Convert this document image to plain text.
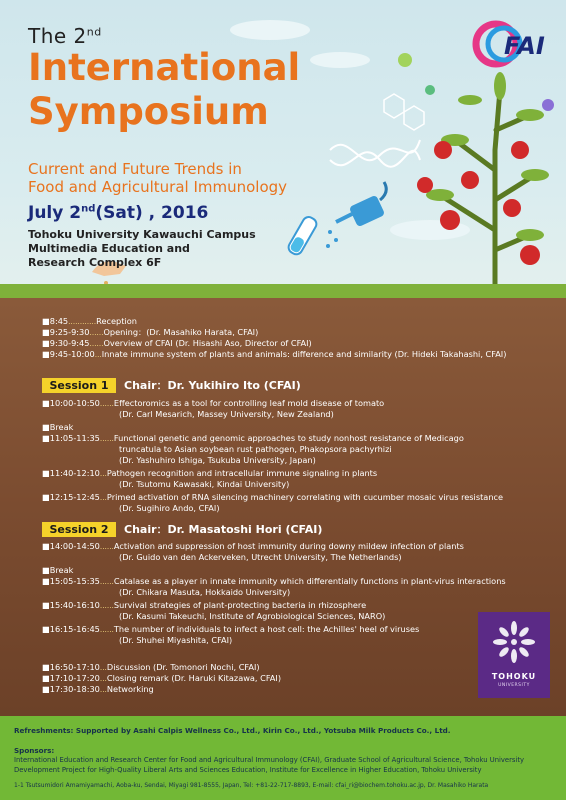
FAI
The 2nd
International
Symposium
Current and Future Trends in
Food and Agricultural Immunology
July 2nd(Sat) , 2016
Tohoku University Kawauchi Campus
Multimedia Education and
Research Complex 6F
■8:45…………Reception
■9:25-9:30……Opening：(Dr. Masahiko Harata, CFAI)
■9:30-9:45……Overview of CFAI (Dr. Hisashi Aso, Director of CFAI)
■9:45-10:00…Innate immune system of plants and animals: difference and similarity (Dr. Hideki Takahashi, CFAI)
Session 1	Chair：Dr. Yukihiro Ito (CFAI)
■10:00-10:50……Effectoromics as a tool for controlling leaf mold disease of tomato
(Dr. Carl Mesarich, Massey University, New Zealand)
■Break
■11:05-11:35……Functional genetic and genomic approaches to study nonhost resistance of Medicago
truncatula to Asian soybean rust pathogen, Phakopsora pachyrhizi
(Dr. Yashuhiro Ishiga, Tsukuba University, Japan)
■11:40-12:10…Pathogen recognition and intracellular immune signaling in plants
(Dr. Tsutomu Kawasaki, Kindai University)
■12:15-12:45…Primed activation of RNA silencing machinery correlating with cucumber mosaic virus resistance
(Dr. Sugihiro Ando, CFAI)
Session 2	Chair：Dr. Masatoshi Hori (CFAI)
■14:00-14:50……Activation and suppression of host immunity during downy mildew infection of plants
(Dr. Guido van den Ackerveken, Utrecht University, The Netherlands)
■Break
■15:05-15:35……Catalase as a player in innate immunity which differentially functions in plant-virus interactions
(Dr. Chikara Masuta, Hokkaido University)
■15:40-16:10……Survival strategies of plant-protecting bacteria in rhizosphere
(Dr. Kasumi Takeuchi, Institute of Agrobiological Sciences, NARO)
■16:15-16:45……The number of individuals to infect a host cell: the Achilles' heel of viruses
(Dr. Shuhei Miyashita, CFAI)
■16:50-17:10…Discussion (Dr. Tomonori Nochi, CFAI)
■17:10-17:20…Closing remark (Dr. Haruki Kitazawa, CFAI)
■17:30-18:30…Networking
TOHOKU
UNIVERSITY
Refreshments: Supported by Asahi Calpis Wellness Co., Ltd., Kirin Co., Ltd., Yotsuba Milk Products Co., Ltd.
Sponsors:
International Education and Research Center for Food and Agricultural Immunology (CFAI), Graduate School of Agricultural Science, Tohoku University
Development Project for High-Quality Liberal Arts and Sciences Education, Institute for Excellence in Higher Education, Tohoku University
1-1 Tsutsumidori Amamiyamachi, Aoba-ku, Sendai, Miyagi 981-8555, Japan, Tel: +81-22-717-8893, E-mail: cfai_ri@biochem.tohoku.ac.jp, Dr. Masahiko Harata
